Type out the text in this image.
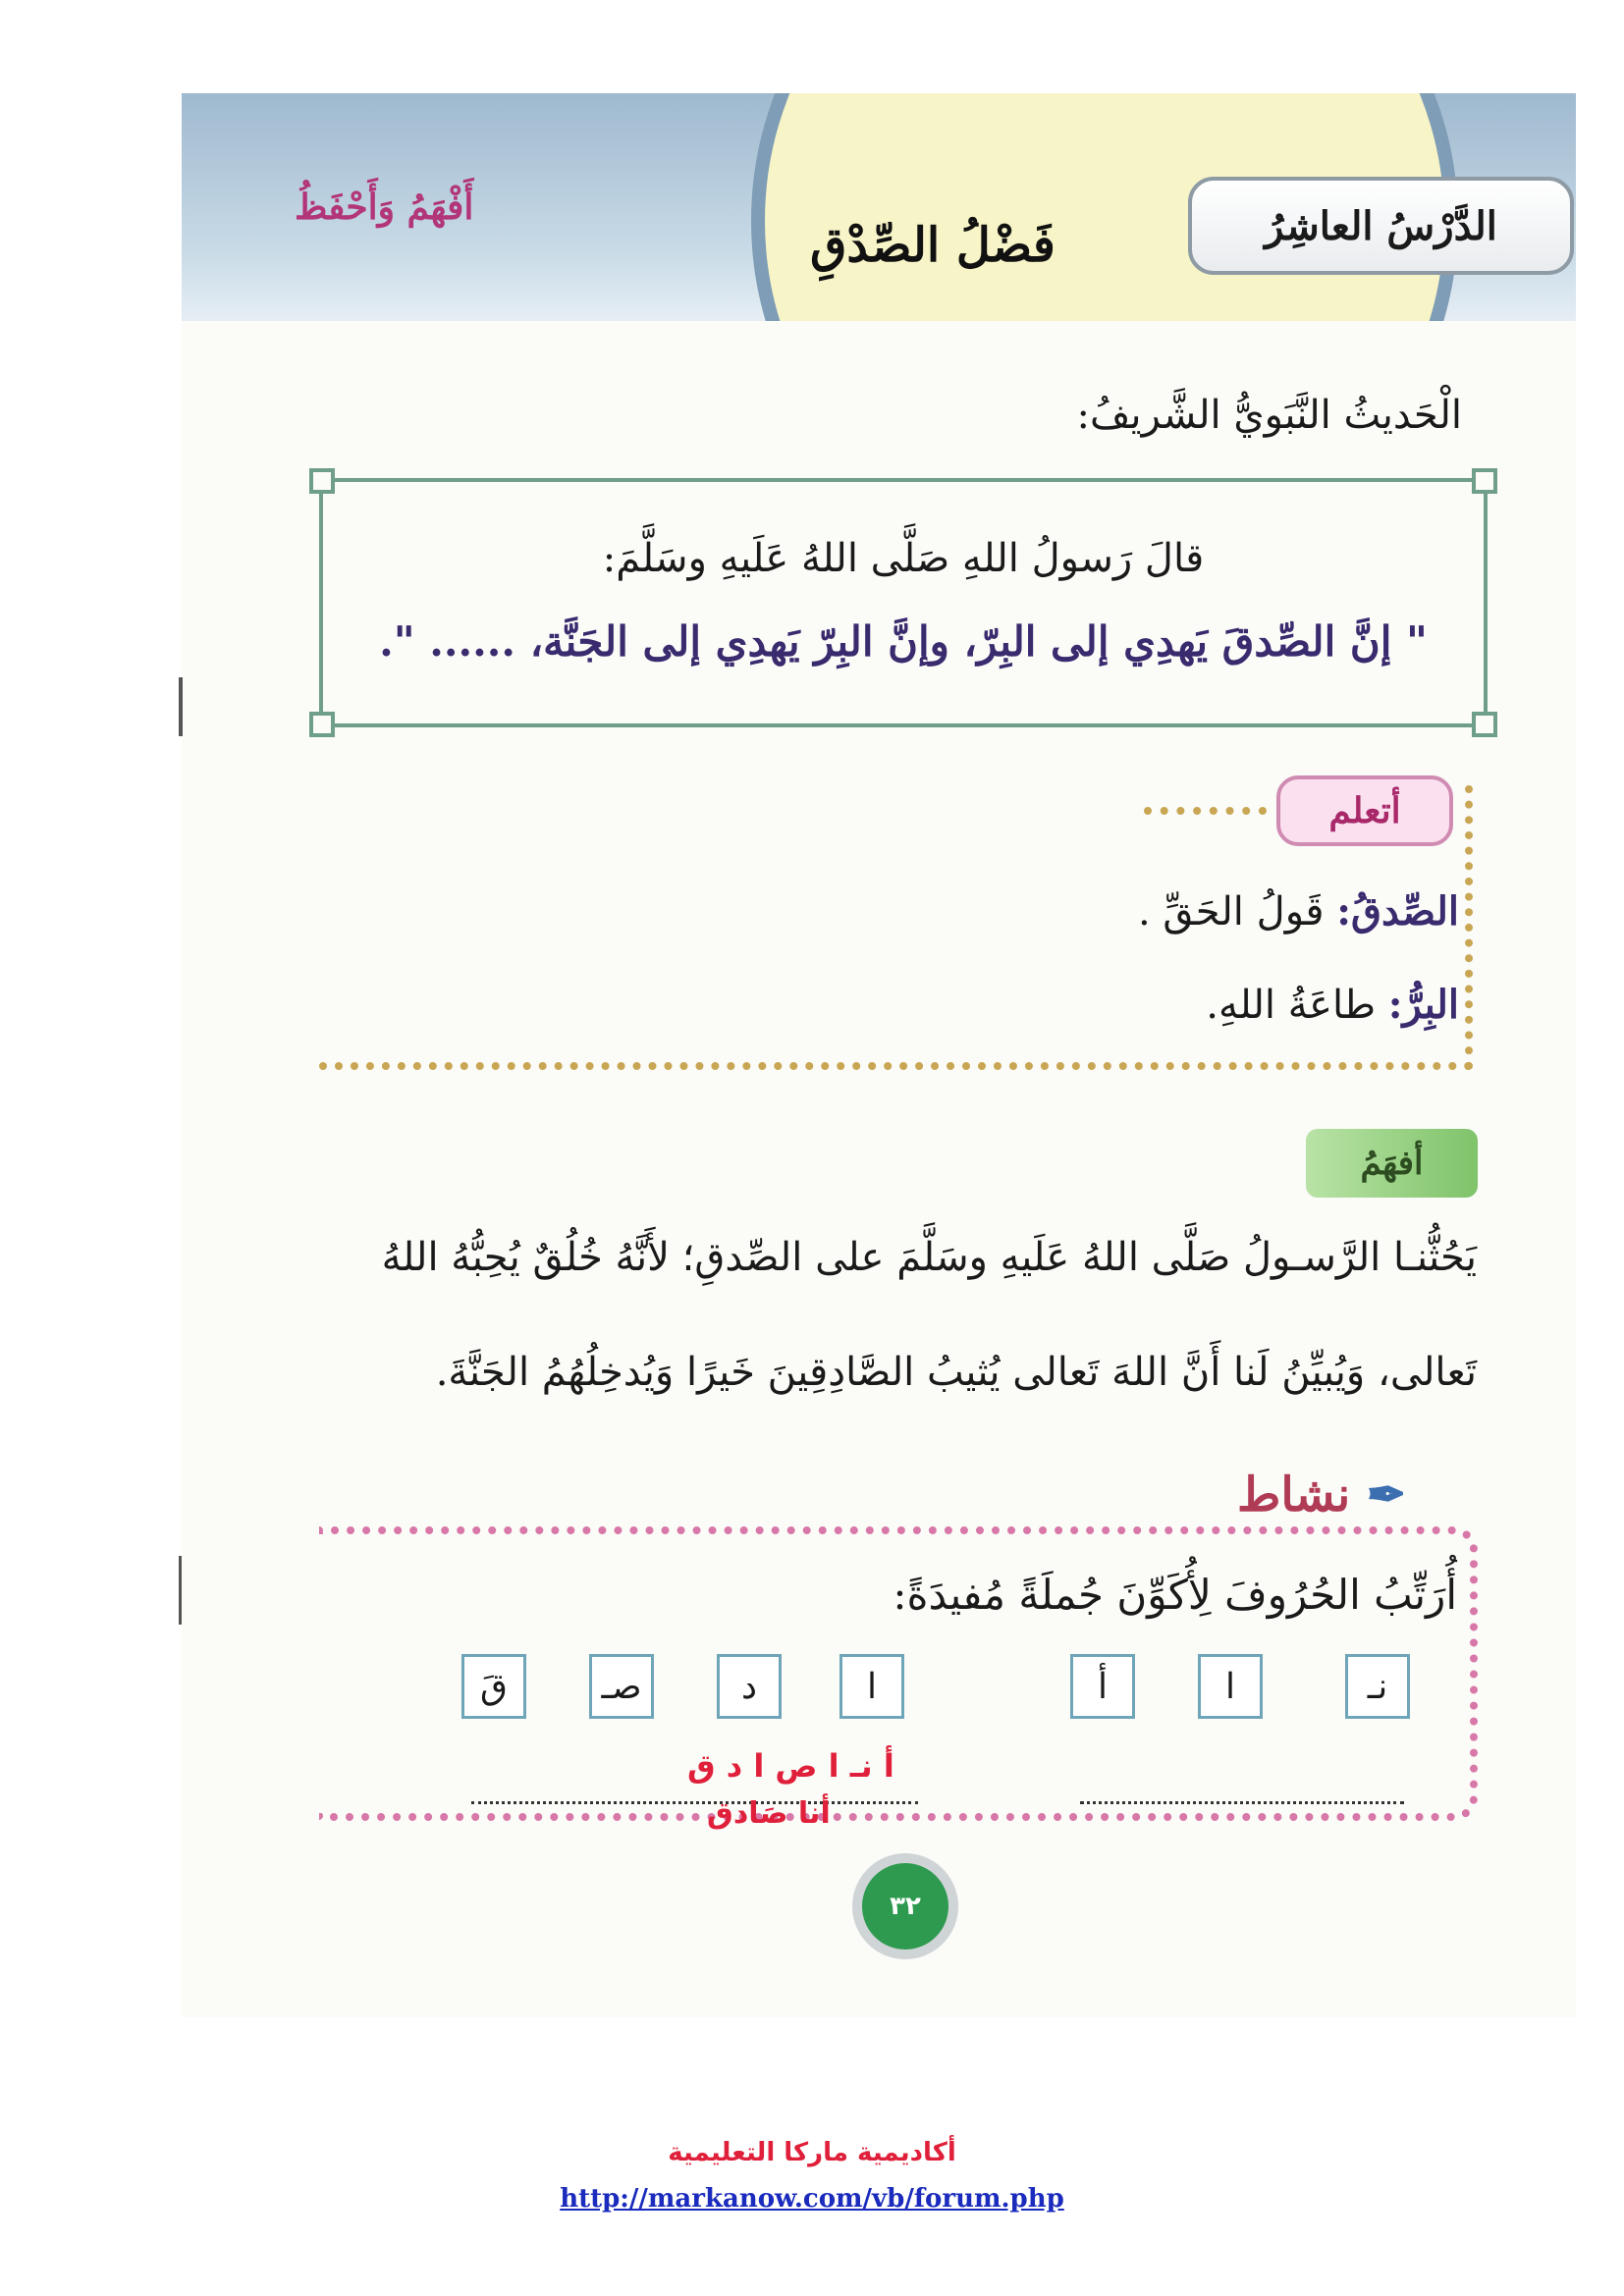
الدَّرْسُ العاشِرُ
فَضْلُ الصِّدْقِ
أَفْهَمُ وَأَحْفَظُ
الْحَديثُ النَّبَويُّ الشَّريفُ:
قالَ رَسولُ اللهِ صَلَّى اللهُ عَلَيهِ وسَلَّمَ:
" إنَّ الصِّدقَ يَهدِي إلى البِرّ، وإنَّ البِرّ يَهدِي إلى الجَنَّة، ...... ".
أتعلم
الصِّدقُ: قَولُ الحَقِّ .
البِرُّ: طاعَةُ اللهِ.
أفهَمُ
يَحُثُّنـا الرَّسـولُ صَلَّى اللهُ عَلَيهِ وسَلَّمَ على الصِّدقِ؛ لأَنَّهُ خُلُقٌ يُحِبُّهُ اللهُ
تَعالى، وَيُبيِّنُ لَنا أَنَّ اللهَ تَعالى يُثيبُ الصَّادِقِينَ خَيرًا وَيُدخِلُهُمُ الجَنَّةَ.
✒ نشاط
أُرَتِّبُ الحُرُوفَ لِأُكَوِّنَ جُملَةً مُفيدَةً:
نـ
ا
أ
ا
د
صـ
قَ
أ نـ ا ص ا د ق
أنا صَادق
٣٢
أكاديمية ماركا التعليمية
http://markanow.com/vb/forum.php
